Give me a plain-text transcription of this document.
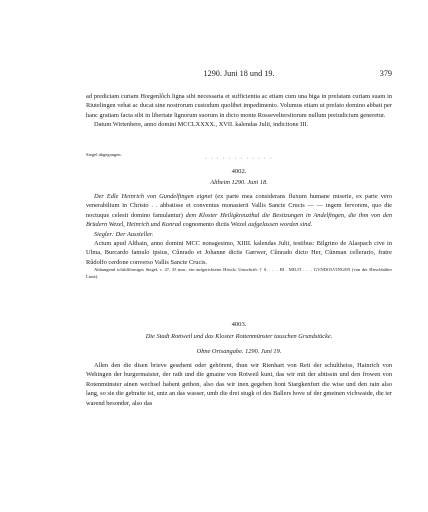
1290. Juni 18 und 19.	379

ad predictam curiam Horgenlôch ligna sibi necessaria et sufficientia ac etiam cum una biga in prefatam curiam suam in Riutelingen vehat ac ducat sine nostrorum custodum quolibet impedimento. Volumus etiam ut prefato domino abbati per hanc gratiam facta sibi in libertate lignorum suorum in dicto monte Rosseveltersitorum nullum preiudicium generetur.

Datum Wirtenbere, anno domini MCCLXXXX., XVII. kalendas Julii, indictione III.

Siegel abgegangen.
· · · · · · · · · · · ·
4002.
Altheim 1290. Juni 18.

Der Edle Heinrich von Gundelfingen eignet (ex parte mea considerans fluxum humane miserie, ex parte vero venerabilium in Christo . . abbatisse et conventus monasterii Vallis Sancte Crucis — — ingem fervorem, quo die noctuque celesti domino famulantur) dem Kloster Heiligkreuzthal die Besitzungen in Andelfingen, die ihm von den Brüdern Wezel, Heinrich und Konrad cognomento dictis Wezel aufgelassen worden sind.

Siegler: Der Aussteller.

Actum apud Althain, anno domini MCC nonagesimo, XIIII. kalendas Julii, testibus: Bilgrino de Alaspach cive in Ulma, Burcardo famulo ipsius, Cûnrado et Johanne dictis Gærwer, Cûnrado dicto Her, Cûnman cellerario, fratre Rûdolfo cerdone converso Vallis Sancte Crucis.

Abhangend schildförmiges Siegel, c. 47, 35 mm., ein aufgerichteter Hirsch; Umschrift: † S. . . . . RI . MILIT . . . . GVNDOLVINGEN (von der Hirschhälter Linie).

4003.
Die Stadt Rottweil und das Kloster Rottenmünster tauschen Grundstücke.
Ohne Ortsangabe. 1290. Juni 19.

Allen den die disen brieve gesehent oder gehörent, thun wir Rienhart von Reti der schultheiss, Hainrich von Wehingen der burgermaister, der rath und die gmaine von Rotweil kunt, das wir mit der abtissin und den frowen von Rotenmünster ainen wechsel habent gethon, also das wir inen gegeben hont Stargkenfurt die wise und den rain also lang, so sie die gebraite ist, untz an das wasser, umb die drei stugk of des Ballers hove uf der gmeinen vichwaide, die ier warend besonder, also das
